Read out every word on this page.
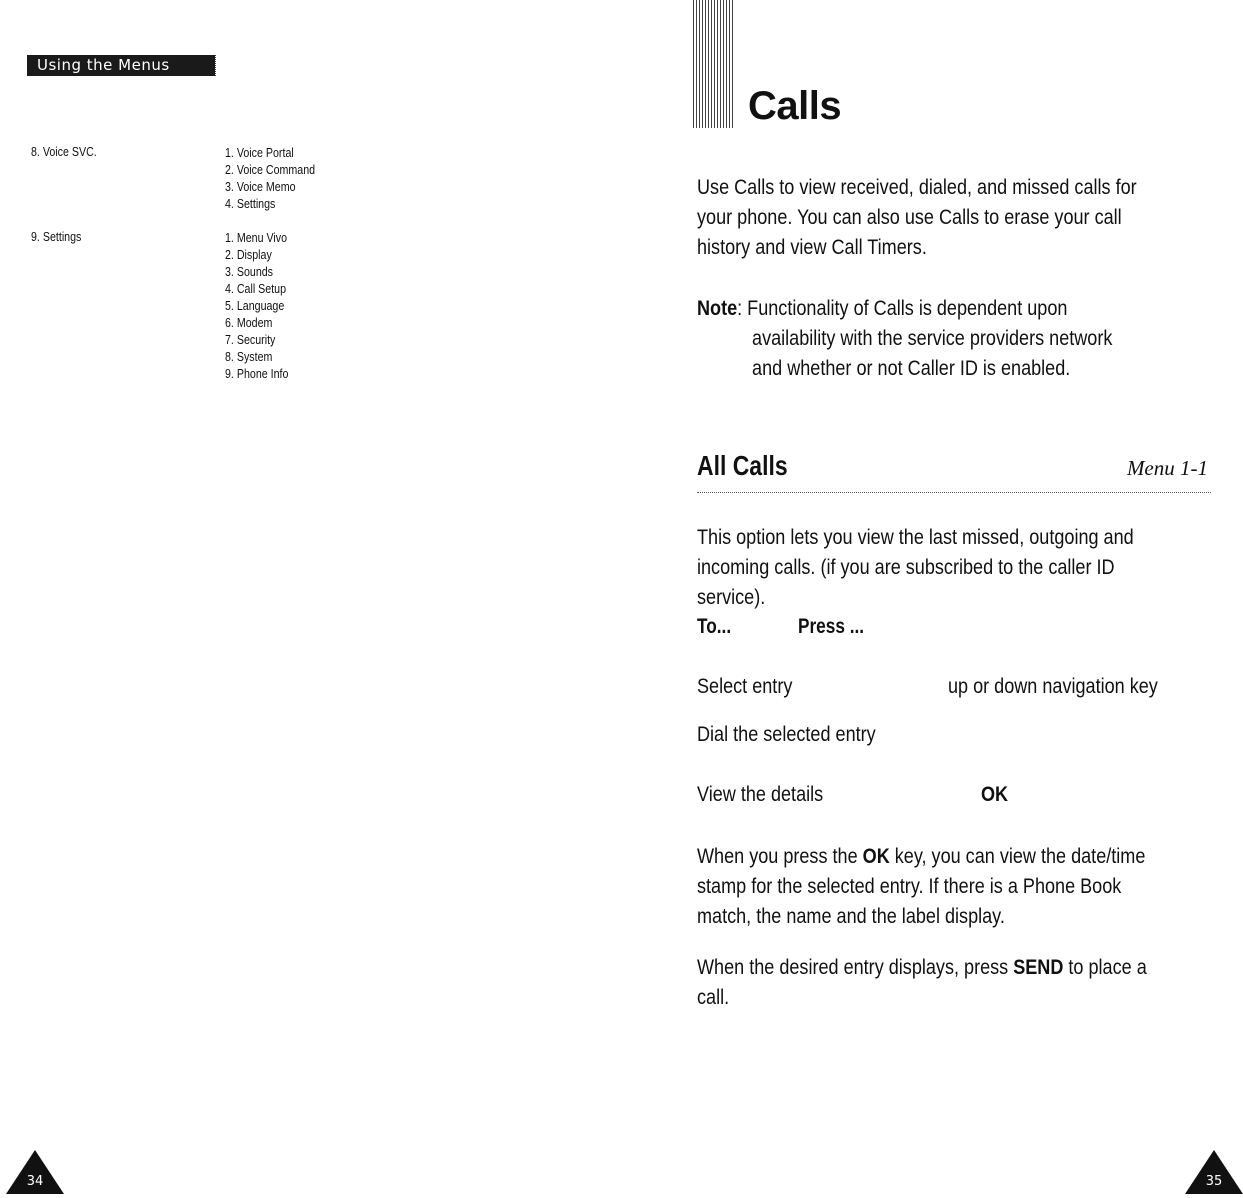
Using the Menus
8. Voice SVC.	1. Voice Portal
2. Voice Command
3. Voice Memo
4. Settings
9. Settings	1. Menu Vivo
2. Display
3. Sounds
4. Call Setup
5. Language
6. Modem
7. Security
8. System
9. Phone Info
34
Calls
Use Calls to view received, dialed, and missed calls for
your phone. You can also use Calls to erase your call
history and view Call Timers.
Note: Functionality of Calls is dependent upon
availability with the service providers network
and whether or not Caller ID is enabled.
All Calls	Menu 1-1
This option lets you view the last missed, outgoing and
incoming calls. (if you are subscribed to the caller ID
service).
To...	Press ...
Select entry	up or down navigation key
Dial the selected entry
View the details	OK
When you press the OK key, you can view the date/time
stamp for the selected entry. If there is a Phone Book
match, the name and the label display.
When the desired entry displays, press SEND to place a
call.
35
